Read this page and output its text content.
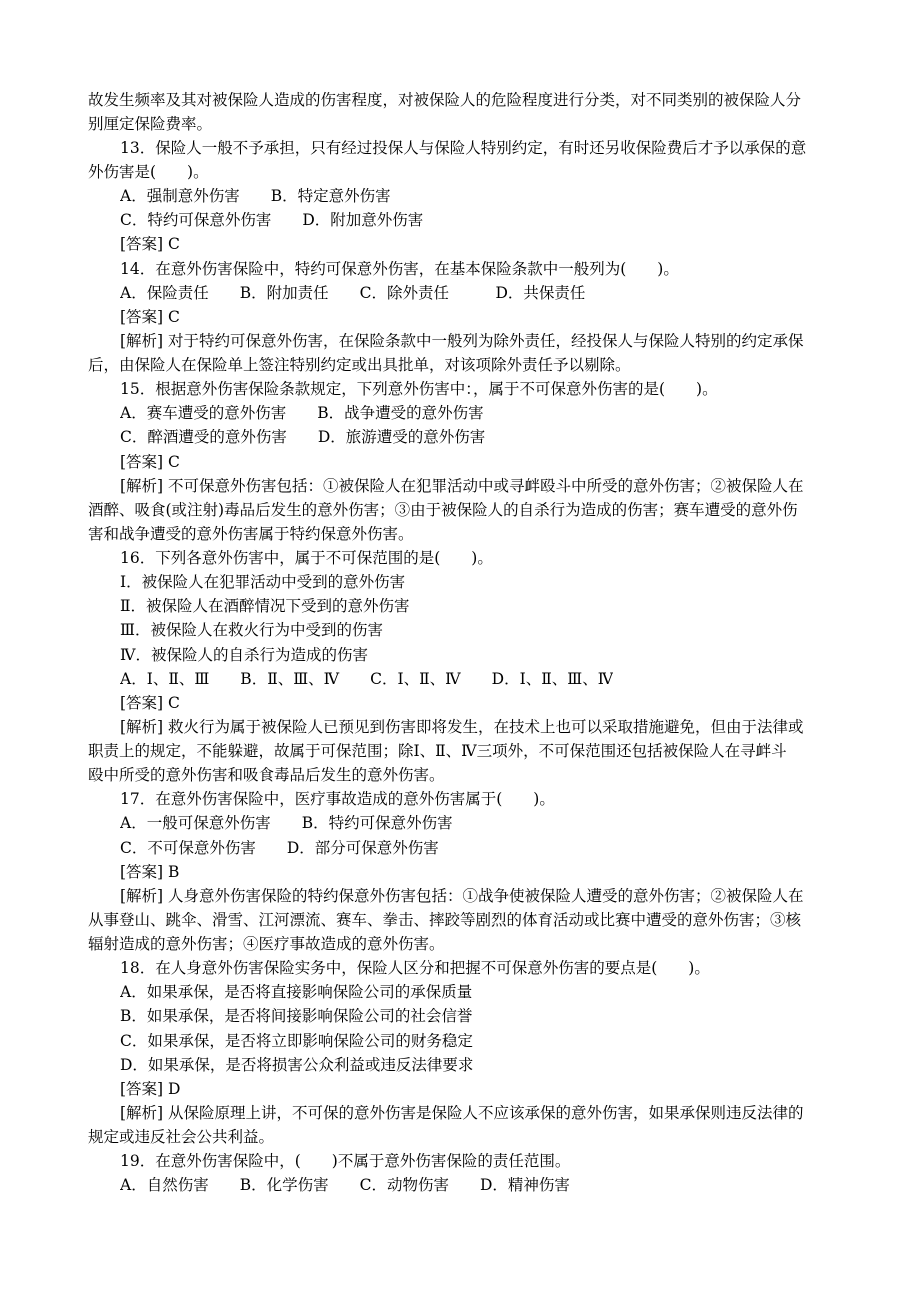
故发生频率及其对被保险人造成的伤害程度，对被保险人的危险程度进行分类，对不同类别的被保险人分
别厘定保险费率。
13．保险人一般不予承担，只有经过投保人与保险人特别约定，有时还另收保险费后才予以承保的意
外伤害是(　　)。
A．强制意外伤害　　B．特定意外伤害
C．特约可保意外伤害　　D．附加意外伤害
[答案] C
14．在意外伤害保险中，特约可保意外伤害，在基本保险条款中一般列为(　　)。
A．保险责任　　B．附加责任　　C．除外责任　　　D．共保责任
[答案] C
[解析] 对于特约可保意外伤害，在保险条款中一般列为除外责任，经投保人与保险人特别的约定承保
后，由保险人在保险单上签注特别约定或出具批单，对该项除外责任予以剔除。
15．根据意外伤害保险条款规定，下列意外伤害中：，属于不可保意外伤害的是(　　)。
A．赛车遭受的意外伤害　　B．战争遭受的意外伤害
C．醉酒遭受的意外伤害　　D．旅游遭受的意外伤害
[答案] C
[解析] 不可保意外伤害包括：①被保险人在犯罪活动中或寻衅殴斗中所受的意外伤害；②被保险人在
酒醉、吸食(或注射)毒品后发生的意外伤害；③由于被保险人的自杀行为造成的伤害；赛车遭受的意外伤
害和战争遭受的意外伤害属于特约保意外伤害。
16．下列各意外伤害中，属于不可保范围的是(　　)。
Ⅰ．被保险人在犯罪活动中受到的意外伤害
Ⅱ．被保险人在酒醉情况下受到的意外伤害
Ⅲ．被保险人在救火行为中受到的伤害
Ⅳ．被保险人的自杀行为造成的伤害
A．Ⅰ、Ⅱ、Ⅲ　　B．Ⅱ、Ⅲ、Ⅳ　　C．Ⅰ、Ⅱ、Ⅳ　　D．Ⅰ、Ⅱ、Ⅲ、Ⅳ
[答案] C
[解析] 救火行为属于被保险人已预见到伤害即将发生，在技术上也可以采取措施避免，但由于法律或
职责上的规定，不能躲避，故属于可保范围；除Ⅰ、Ⅱ、Ⅳ三项外，不可保范围还包括被保险人在寻衅斗
殴中所受的意外伤害和吸食毒品后发生的意外伤害。
17．在意外伤害保险中，医疗事故造成的意外伤害属于(　　)。
A．一般可保意外伤害　　B．特约可保意外伤害
C．不可保意外伤害　　D．部分可保意外伤害
[答案] B
[解析] 人身意外伤害保险的特约保意外伤害包括：①战争使被保险人遭受的意外伤害；②被保险人在
从事登山、跳伞、滑雪、江河漂流、赛车、拳击、摔跤等剧烈的体育活动或比赛中遭受的意外伤害；③核
辐射造成的意外伤害；④医疗事故造成的意外伤害。
18．在人身意外伤害保险实务中，保险人区分和把握不可保意外伤害的要点是(　　)。
A．如果承保，是否将直接影响保险公司的承保质量
B．如果承保，是否将间接影响保险公司的社会信誉
C．如果承保，是否将立即影响保险公司的财务稳定
D．如果承保，是否将损害公众利益或违反法律要求
[答案] D
[解析] 从保险原理上讲，不可保的意外伤害是保险人不应该承保的意外伤害，如果承保则违反法律的
规定或违反社会公共利益。
19．在意外伤害保险中，(　　)不属于意外伤害保险的责任范围。
A．自然伤害　　B．化学伤害　　C．动物伤害　　D．精神伤害
